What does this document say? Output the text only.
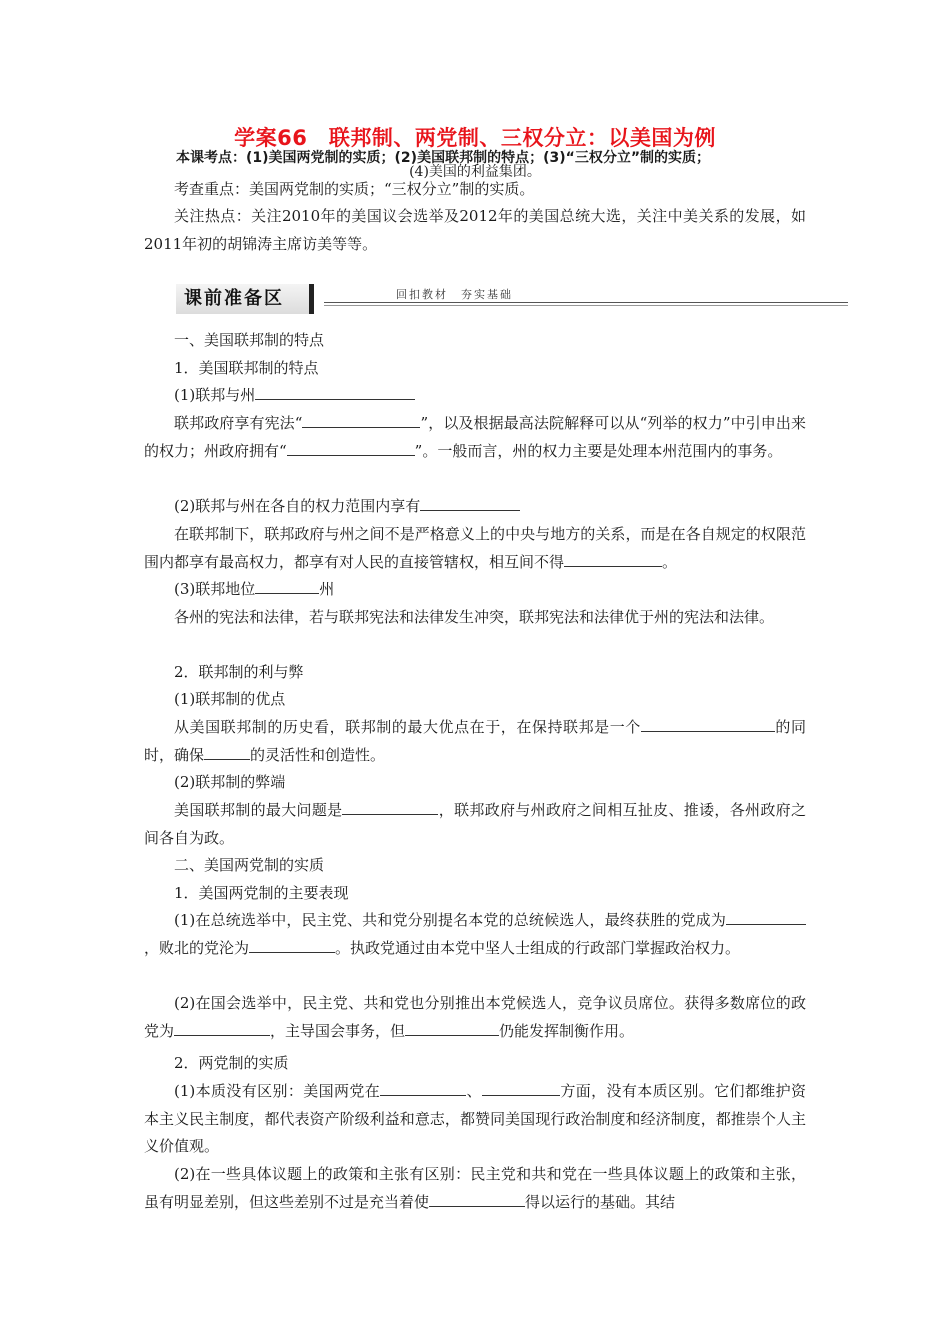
学案66　联邦制、两党制、三权分立：以美国为例
本课考点：(1)美国两党制的实质；(2)美国联邦制的特点；(3)“三权分立”制的实质；
(4)美国的利益集团。
考查重点：美国两党制的实质；“三权分立”制的实质。
关注热点：关注2010年的美国议会选举及2012年的美国总统大选，关注中美关系的发展，如2011年初的胡锦涛主席访美等等。
课前准备区	回扣教材　夯实基础
一、美国联邦制的特点
1．美国联邦制的特点
(1)联邦与州
联邦政府享有宪法“	”，以及根据最高法院解释可以从“列举的权力”中引申出来的权力；州政府拥有“	”。一般而言，州的权力主要是处理本州范围内的事务。
(2)联邦与州在各自的权力范围内享有
在联邦制下，联邦政府与州之间不是严格意义上的中央与地方的关系，而是在各自规定的权限范围内都享有最高权力，都享有对人民的直接管辖权，相互间不得	。
(3)联邦地位	州
各州的宪法和法律，若与联邦宪法和法律发生冲突，联邦宪法和法律优于州的宪法和法律。
2．联邦制的利与弊
(1)联邦制的优点
从美国联邦制的历史看，联邦制的最大优点在于，在保持联邦是一个	的同时，确保	的灵活性和创造性。
(2)联邦制的弊端
美国联邦制的最大问题是	，联邦政府与州政府之间相互扯皮、推诿，各州政府之间各自为政。
二、美国两党制的实质
1．美国两党制的主要表现
(1)在总统选举中，民主党、共和党分别提名本党的总统候选人，最终获胜的党成为，败北的党沦为	。执政党通过由本党中坚人士组成的行政部门掌握政治权力。
(2)在国会选举中，民主党、共和党也分别推出本党候选人，竞争议员席位。获得多数席位的政党为	，主导国会事务，但	仍能发挥制衡作用。
2．两党制的实质
(1)本质没有区别：美国两党在	、	方面，没有本质区别。它们都维护资本主义民主制度，都代表资产阶级利益和意志，都赞同美国现行政治制度和经济制度，都推崇个人主义价值观。
(2)在一些具体议题上的政策和主张有区别：民主党和共和党在一些具体议题上的政策和主张，虽有明显差别，但这些差别不过是充当着使	得以运行的基础。其结
